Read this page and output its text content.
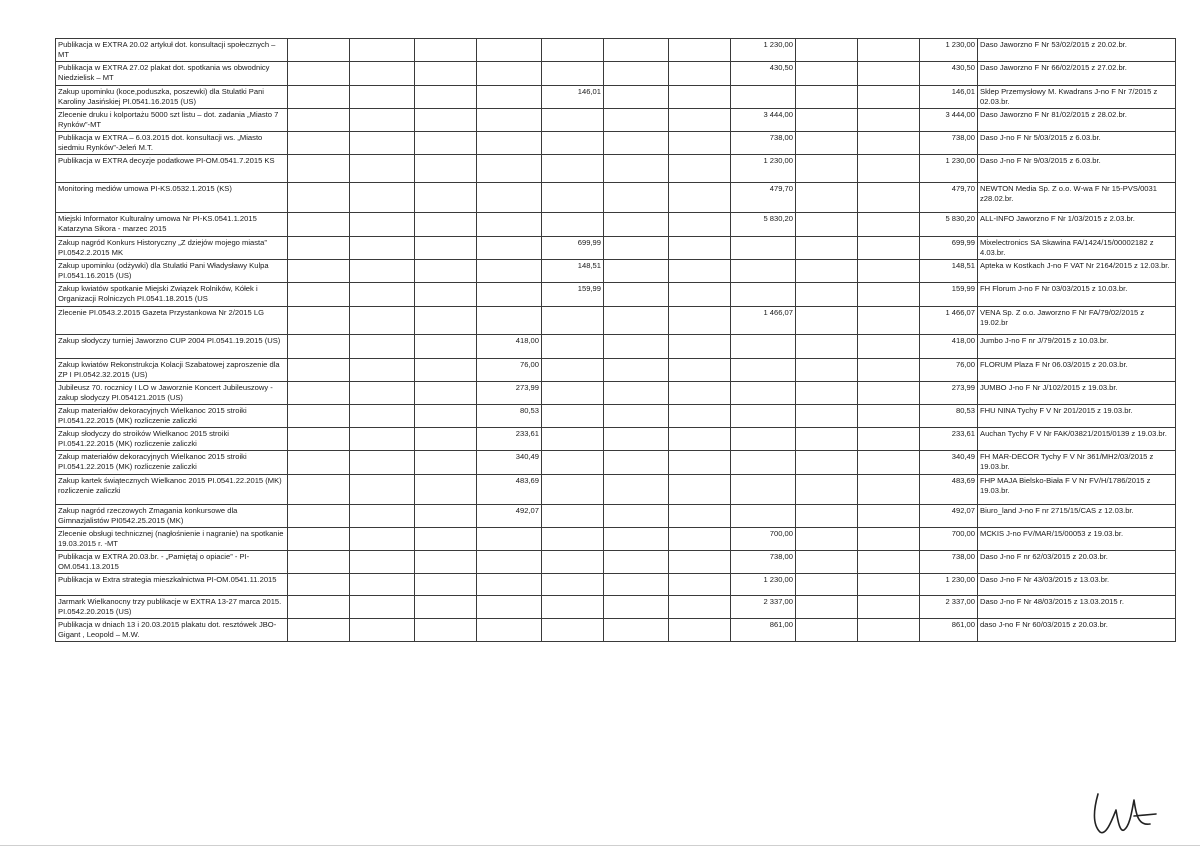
Publikacja w EXTRA 20.02 artykuł dot. konsultacji społecznych – MT								1 230,00			1 230,00	Daso Jaworzno F Nr 53/02/2015 z 20.02.br.
Publikacja w EXTRA 27.02 plakat dot. spotkania ws obwodnicy Niedzielisk – MT								430,50			430,50	Daso Jaworzno F Nr 66/02/2015 z 27.02.br.
Zakup upominku (koce,poduszka, poszewki) dla Stulatki Pani Karoliny Jasińskiej PI.0541.16.2015 (US)					146,01						146,01	Sklep Przemysłowy M. Kwadrans J-no F Nr 7/2015 z 02.03.br.
Zlecenie druku i kolportażu 5000 szt listu – dot. zadania „Miasto 7 Rynków”-MT								3 444,00			3 444,00	Daso Jaworzno F Nr 81/02/2015 z 28.02.br.
Publikacja w EXTRA – 6.03.2015 dot. konsultacji ws. „Miasto siedmiu Rynków”-Jeleń M.T.								738,00			738,00	Daso J-no F Nr 5/03/2015 z 6.03.br.
Publikacja w EXTRA decyzje podatkowe PI-OM.0541.7.2015 KS								1 230,00			1 230,00	Daso J-no F Nr 9/03/2015 z 6.03.br.
Monitoring mediów umowa PI-KS.0532.1.2015 (KS)								479,70			479,70	NEWTON Media Sp. Z o.o. W-wa F Nr 15-PVS/0031 z28.02.br.
Miejski Informator Kulturalny umowa Nr PI-KS.0541.1.2015 Katarzyna Sikora - marzec 2015								5 830,20			5 830,20	ALL-INFO Jaworzno F Nr 1/03/2015 z 2.03.br.
Zakup nagród Konkurs Historyczny „Z dziejów mojego miasta” PI.0542.2.2015 MK					699,99						699,99	Mixelectronics SA Skawina FA/1424/15/00002182 z 4.03.br.
Zakup upominku (odżywki) dla Stulatki Pani Władysławy Kulpa PI.0541.16.2015 (US)					148,51						148,51	Apteka w Kostkach J-no F VAT Nr 2164/2015 z 12.03.br.
Zakup kwiatów spotkanie Miejski Związek Rolników, Kółek i Organizacji Rolniczych PI.0541.18.2015 (US					159,99						159,99	FH Florum J-no F Nr 03/03/2015 z 10.03.br.
Zlecenie PI.0543.2.2015 Gazeta Przystankowa Nr 2/2015 LG								1 466,07			1 466,07	VENA Sp. Z o.o. Jaworzno F Nr FA/79/02/2015 z 19.02.br
Zakup słodyczy turniej Jaworzno CUP 2004 PI.0541.19.2015 (US)				418,00							418,00	Jumbo J-no F nr J/79/2015 z 10.03.br.
Zakup kwiatów Rekonstrukcja Kolacji Szabatowej zaproszenie dla ZP I PI.0542.32.2015 (US)				76,00							76,00	FLORUM Plaza F Nr 06.03/2015 z 20.03.br.
Jubileusz 70. rocznicy I LO w Jaworznie Koncert Jubileuszowy - zakup słodyczy PI.054121.2015 (US)				273,99							273,99	JUMBO J-no F Nr J/102/2015 z 19.03.br.
Zakup materiałów dekoracyjnych Wielkanoc 2015 stroiki PI.0541.22.2015 (MK) rozliczenie zaliczki				80,53							80,53	FHU NINA Tychy F V Nr 201/2015 z 19.03.br.
Zakup słodyczy do stroików Wielkanoc 2015 stroiki PI.0541.22.2015 (MK) rozliczenie zaliczki				233,61							233,61	Auchan Tychy F V Nr FAK/03821/2015/0139 z 19.03.br.
Zakup materiałów dekoracyjnych Wielkanoc 2015 stroiki PI.0541.22.2015 (MK) rozliczenie zaliczki				340,49							340,49	FH MAR-DECOR Tychy F V Nr 361/MH2/03/2015 z 19.03.br.
Zakup kartek świątecznych Wielkanoc 2015 PI.0541.22.2015 (MK) rozliczenie zaliczki				483,69							483,69	FHP MAJA Bielsko-Biała F V Nr FV/H/1786/2015 z 19.03.br.
Zakup nagród rzeczowych Zmagania konkursowe dla Gimnazjalistów PI0542.25.2015 (MK)				492,07							492,07	Biuro_land J-no F nr 2715/15/CAS z 12.03.br.
Zlecenie obsługi technicznej (nagłośnienie i nagranie) na spotkanie 19.03.2015 r. -MT								700,00			700,00	MCKIS J-no FV/MAR/15/00053 z 19.03.br.
Publikacja w EXTRA 20.03.br. - „Pamiętaj o opiacie” - PI-OM.0541.13.2015								738,00			738,00	Daso J-no F nr 62/03/2015 z 20.03.br.
Publikacja w Extra strategia mieszkalnictwa PI-OM.0541.11.2015								1 230,00			1 230,00	Daso J-no F Nr 43/03/2015 z 13.03.br.
Jarmark Wielkanocny trzy publikacje w EXTRA 13-27 marca 2015. PI.0542.20.2015 (US)								2 337,00			2 337,00	Daso J-no F Nr 48/03/2015 z 13.03.2015 r.
Publikacja w dniach 13 i 20.03.2015 plakatu dot. resztówek JBO-Gigant , Leopold – M.W.								861,00			861,00	daso J-no F Nr 60/03/2015 z 20.03.br.
